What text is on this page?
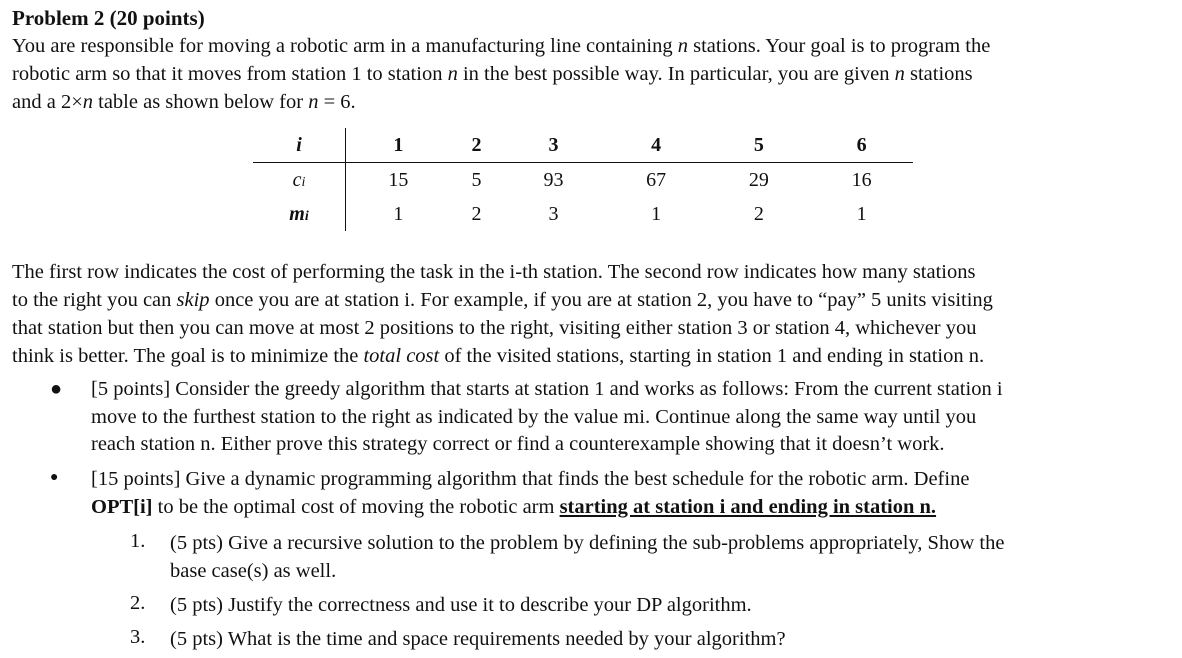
Problem 2 (20 points)
You are responsible for moving a robotic arm in a manufacturing line containing n stations. Your goal is to program the
robotic arm so that it moves from station 1 to station n in the best possible way. In particular, you are given n stations
and a 2×n table as shown below for n = 6.
i	1	2	3	4	5	6
ci	15	5	93	67	29	16
mi	1	2	3	1	2	1
The first row indicates the cost of performing the task in the i-th station. The second row indicates how many stations
to the right you can skip once you are at station i. For example, if you are at station 2, you have to “pay” 5 units visiting
that station but then you can move at most 2 positions to the right, visiting either station 3 or station 4, whichever you
think is better. The goal is to minimize the total cost of the visited stations, starting in station 1 and ending in station n.
● [5 points] Consider the greedy algorithm that starts at station 1 and works as follows: From the current station i
move to the furthest station to the right as indicated by the value mi. Continue along the same way until you
reach station n. Either prove this strategy correct or find a counterexample showing that it doesn’t work.
● [15 points] Give a dynamic programming algorithm that finds the best schedule for the robotic arm. Define
OPT[i] to be the optimal cost of moving the robotic arm starting at station i and ending in station n.
1. (5 pts) Give a recursive solution to the problem by defining the sub-problems appropriately, Show the
base case(s) as well.
2. (5 pts) Justify the correctness and use it to describe your DP algorithm.
3. (5 pts) What is the time and space requirements needed by your algorithm?
